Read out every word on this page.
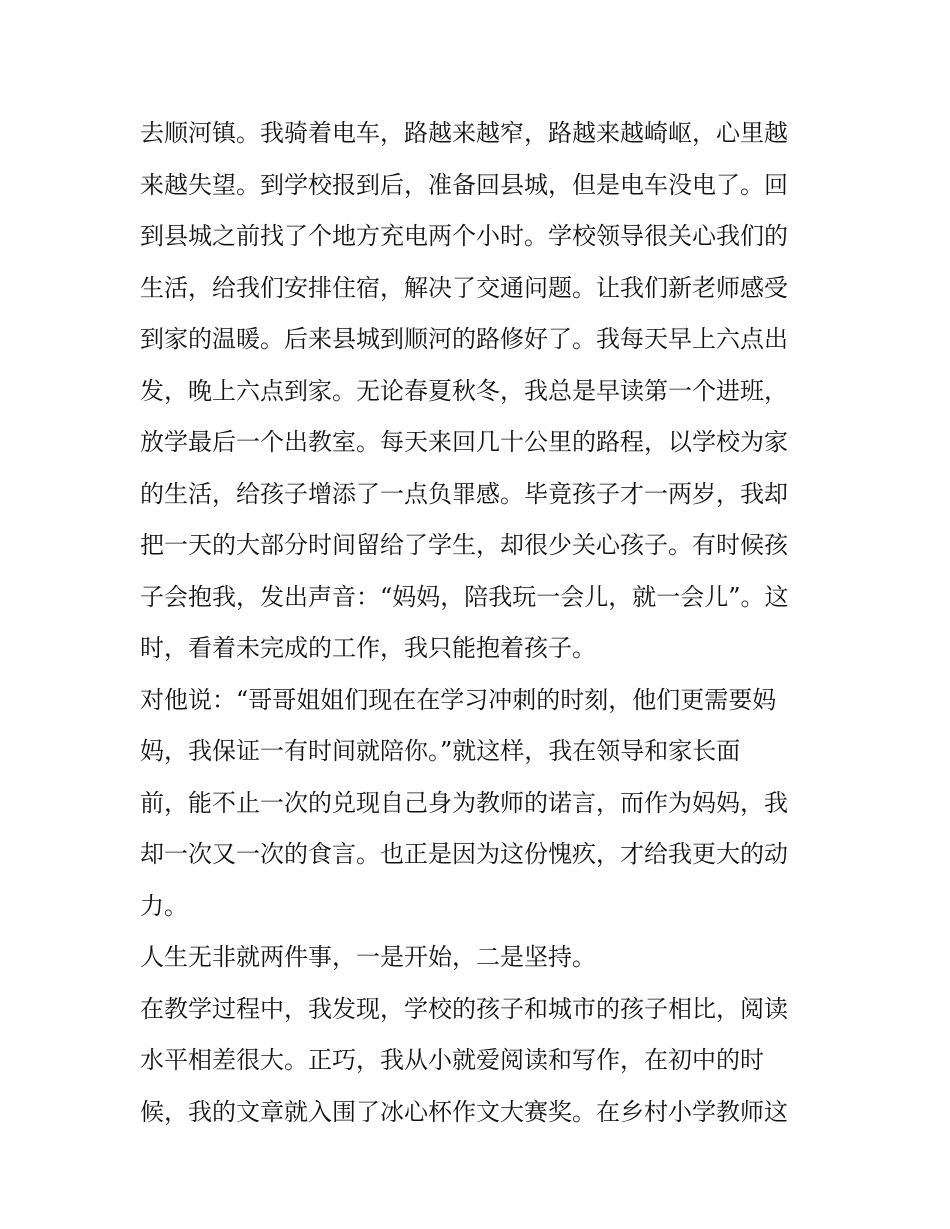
去顺河镇。我骑着电车，路越来越窄，路越来越崎岖，心里越
来越失望。到学校报到后，准备回县城，但是电车没电了。回
到县城之前找了个地方充电两个小时。学校领导很关心我们的
生活，给我们安排住宿，解决了交通问题。让我们新老师感受
到家的温暖。后来县城到顺河的路修好了。我每天早上六点出
发，晚上六点到家。无论春夏秋冬，我总是早读第一个进班，
放学最后一个出教室。每天来回几十公里的路程，以学校为家
的生活，给孩子增添了一点负罪感。毕竟孩子才一两岁，我却
把一天的大部分时间留给了学生，却很少关心孩子。有时候孩
子会抱我，发出声音：“妈妈，陪我玩一会儿，就一会儿”。这
时，看着未完成的工作，我只能抱着孩子。
对他说：“哥哥姐姐们现在在学习冲刺的时刻，他们更需要妈
妈，我保证一有时间就陪你。”就这样，我在领导和家长面
前，能不止一次的兑现自己身为教师的诺言，而作为妈妈，我
却一次又一次的食言。也正是因为这份愧疚，才给我更大的动
力。
人生无非就两件事，一是开始，二是坚持。
在教学过程中，我发现，学校的孩子和城市的孩子相比，阅读
水平相差很大。正巧，我从小就爱阅读和写作，在初中的时
候，我的文章就入围了冰心杯作文大赛奖。在乡村小学教师这
